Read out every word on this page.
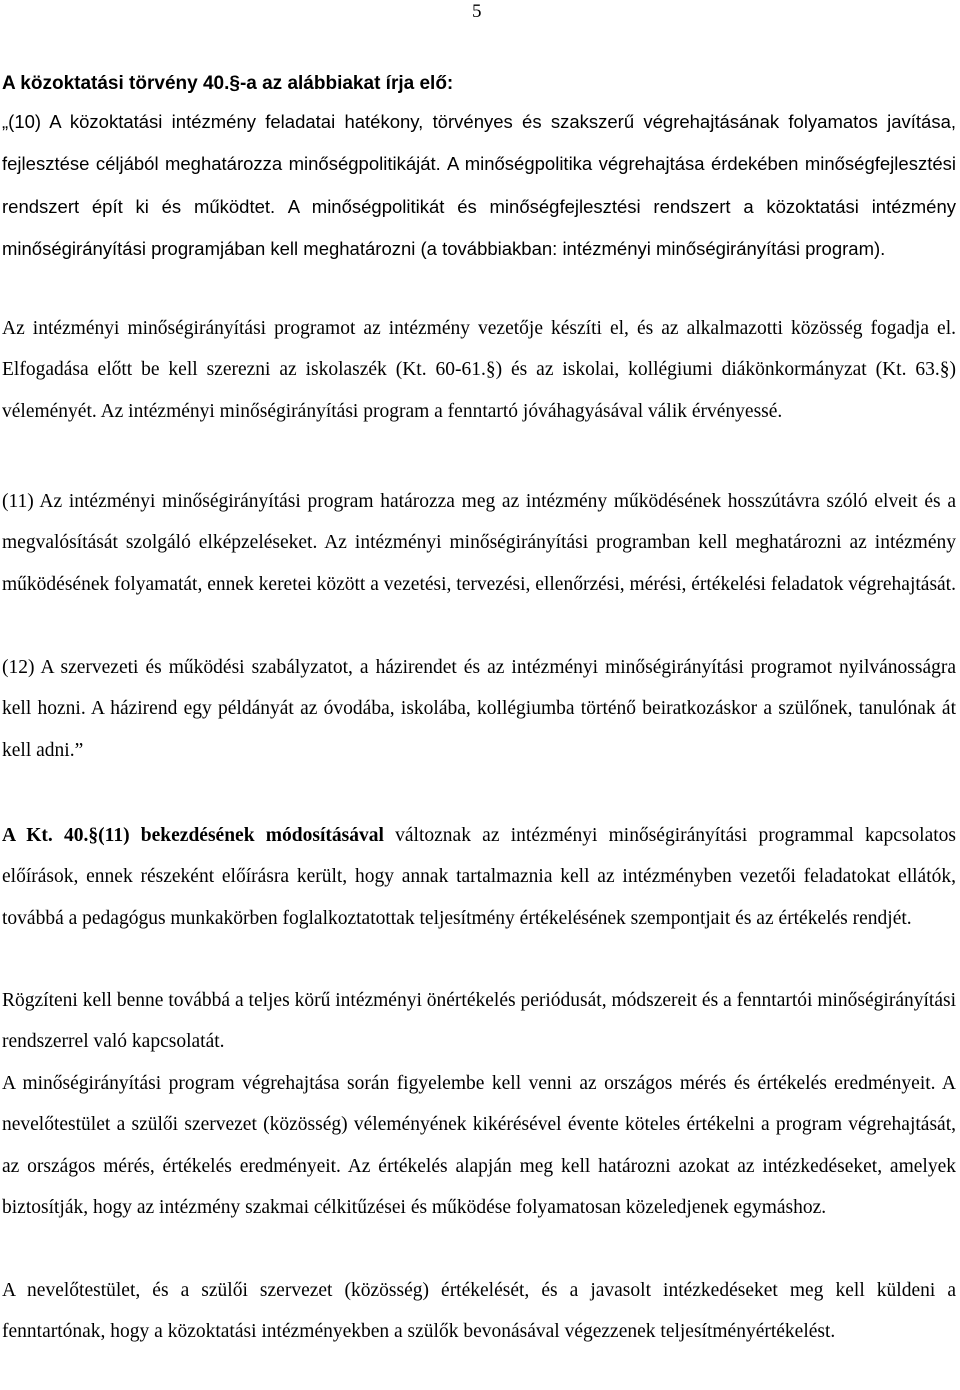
5
A közoktatási törvény 40.§-a az alábbiakat írja elő:

„(10) A közoktatási intézmény feladatai hatékony, törvényes és szakszerű végrehajtásának folyamatos javítása, fejlesztése céljából meghatározza minőségpolitikáját. A minőségpolitika végrehajtása érdekében minőségfejlesztési rendszert épít ki és működtet. A minőségpolitikát és minőségfejlesztési rendszert a közoktatási intézmény minőségirányítási programjában kell meghatározni (a továbbiakban: intézményi minőségirányítási program).

Az intézményi minőségirányítási programot az intézmény vezetője készíti el, és az alkalmazotti közösség fogadja el. Elfogadása előtt be kell szerezni az iskolaszék (Kt. 60-61.§) és az iskolai, kollégiumi diákönkormányzat (Kt. 63.§) véleményét. Az intézményi minőségirányítási program a fenntartó jóváhagyásával válik érvényessé.

(11) Az intézményi minőségirányítási program határozza meg az intézmény működésének hosszútávra szóló elveit és a megvalósítását szolgáló elképzeléseket. Az intézményi minőségirányítási programban kell meghatározni az intézmény működésének folyamatát, ennek keretei között a vezetési, tervezési, ellenőrzési, mérési, értékelési feladatok végrehajtását.

(12) A szervezeti és működési szabályzatot, a házirendet és az intézményi minőségirányítási programot nyilvánosságra kell hozni. A házirend egy példányát az óvodába, iskolába, kollégiumba történő beiratkozáskor a szülőnek, tanulónak át kell adni.”

A Kt. 40.§(11) bekezdésének módosításával változnak az intézményi minőségirányítási programmal kapcsolatos előírások, ennek részeként előírásra került, hogy annak tartalmaznia kell az intézményben vezetői feladatokat ellátók, továbbá a pedagógus munkakörben foglalkoztatottak teljesítmény értékelésének szempontjait és az értékelés rendjét.

Rögzíteni kell benne továbbá a teljes körű intézményi önértékelés periódusát, módszereit és a fenntartói minőségirányítási rendszerrel való kapcsolatát.

A minőségirányítási program végrehajtása során figyelembe kell venni az országos mérés és értékelés eredményeit. A nevelőtestület a szülői szervezet (közösség) véleményének kikérésével évente köteles értékelni a program végrehajtását, az országos mérés, értékelés eredményeit. Az értékelés alapján meg kell határozni azokat az intézkedéseket, amelyek biztosítják, hogy az intézmény szakmai célkitűzései és működése folyamatosan közeledjenek egymáshoz.

A nevelőtestület, és a szülői szervezet (közösség) értékelését, és a javasolt intézkedéseket meg kell küldeni a fenntartónak, hogy a közoktatási intézményekben a szülők bevonásával végezzenek teljesítményértékelést.
